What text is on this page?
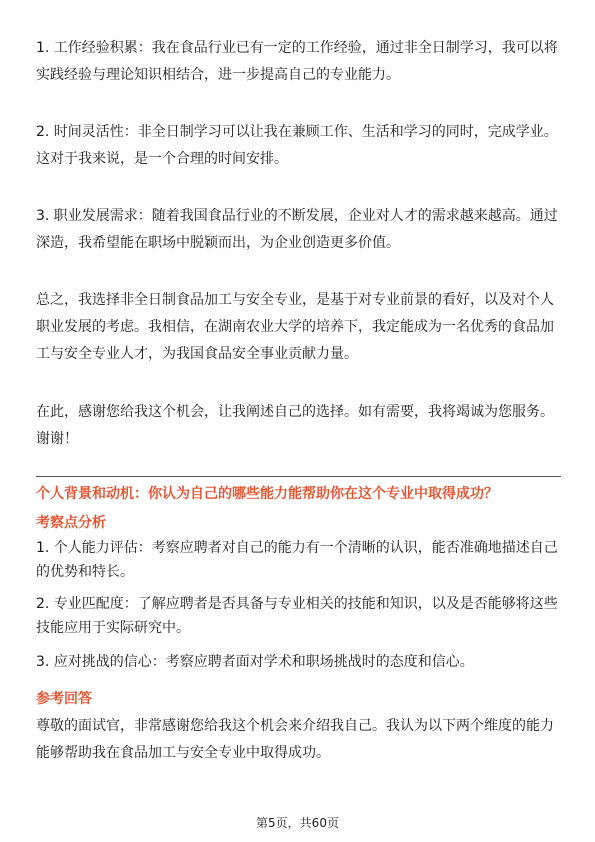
1. 工作经验积累：我在食品行业已有一定的工作经验，通过非全日制学习，我可以将实践经验与理论知识相结合，进一步提高自己的专业能力。

2. 时间灵活性：非全日制学习可以让我在兼顾工作、生活和学习的同时，完成学业。这对于我来说，是一个合理的时间安排。

3. 职业发展需求：随着我国食品行业的不断发展，企业对人才的需求越来越高。通过深造，我希望能在职场中脱颖而出，为企业创造更多价值。

总之，我选择非全日制食品加工与安全专业，是基于对专业前景的看好，以及对个人职业发展的考虑。我相信，在湖南农业大学的培养下，我定能成为一名优秀的食品加工与安全专业人才，为我国食品安全事业贡献力量。

在此，感谢您给我这个机会，让我阐述自己的选择。如有需要，我将竭诚为您服务。谢谢！

个人背景和动机：你认为自己的哪些能力能帮助你在这个专业中取得成功？

考察点分析

1. 个人能力评估：考察应聘者对自己的能力有一个清晰的认识，能否准确地描述自己的优势和特长。

2. 专业匹配度：了解应聘者是否具备与专业相关的技能和知识，以及是否能够将这些技能应用于实际研究中。

3. 应对挑战的信心：考察应聘者面对学术和职场挑战时的态度和信心。

参考回答

尊敬的面试官，非常感谢您给我这个机会来介绍我自己。我认为以下两个维度的能力能够帮助我在食品加工与安全专业中取得成功。

第5页，共60页
